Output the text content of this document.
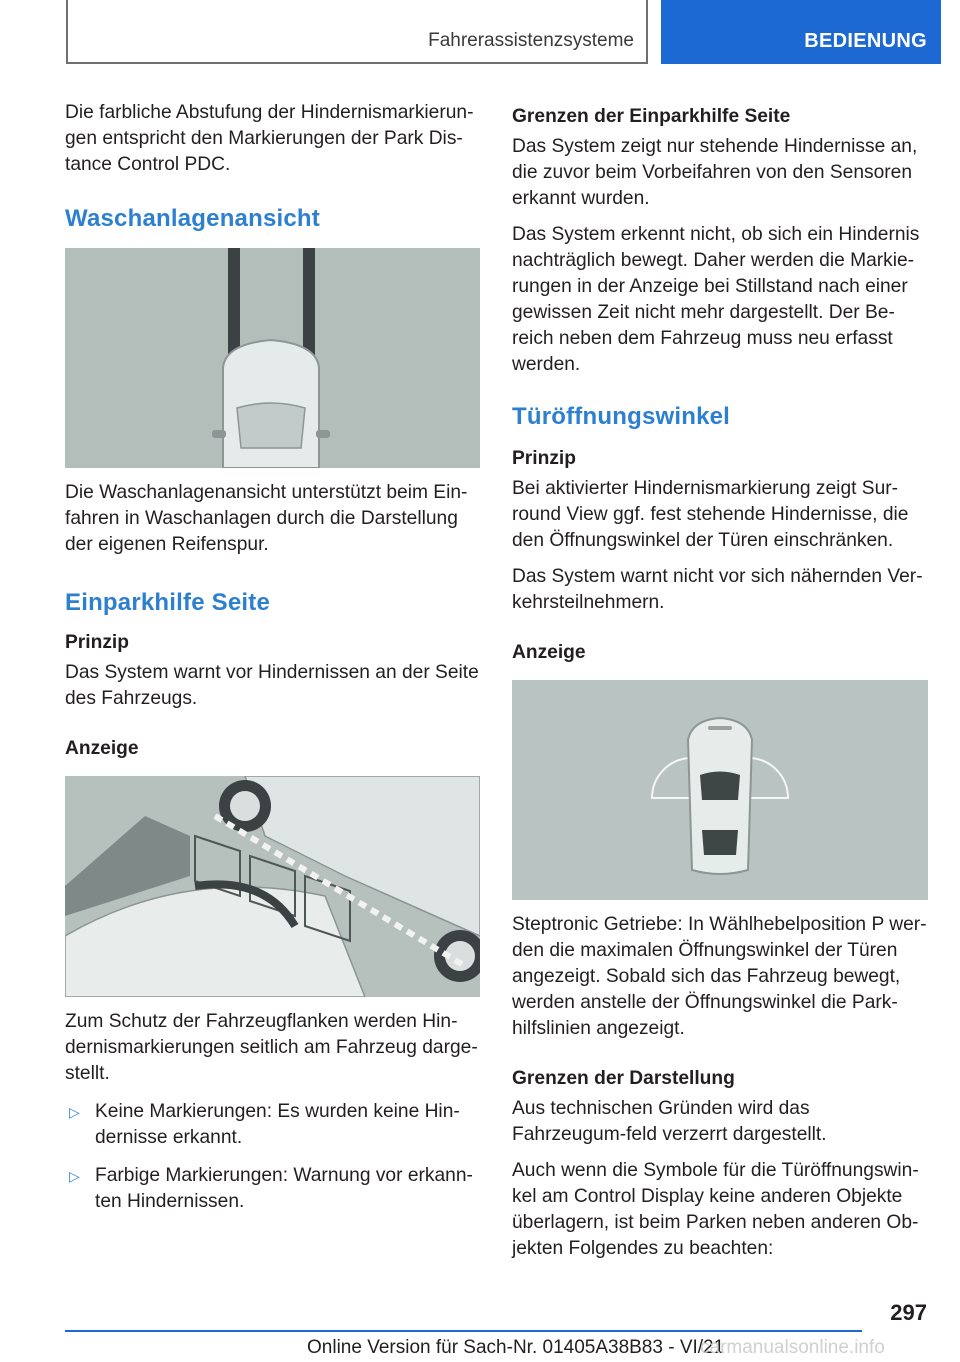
Fahrerassistenzsysteme	BEDIENUNG

Die farbliche Abstufung der Hindernismarkierun-gen entspricht den Markierungen der Park Dis-tance Control PDC.

Waschanlagenansicht

Die Waschanlagenansicht unterstützt beim Ein-fahren in Waschanlagen durch die Darstellung der eigenen Reifenspur.

Einparkhilfe Seite
Prinzip

Das System warnt vor Hindernissen an der Seite des Fahrzeugs.

Anzeige

Zum Schutz der Fahrzeugflanken werden Hin-dernismarkierungen seitlich am Fahrzeug darge-stellt.

▷ Keine Markierungen: Es wurden keine Hin-dernisse erkannt.
▷ Farbige Markierungen: Warnung vor erkann-ten Hindernissen.
Grenzen der Einparkhilfe Seite

Das System zeigt nur stehende Hindernisse an, die zuvor beim Vorbeifahren von den Sensoren erkannt wurden.

Das System erkennt nicht, ob sich ein Hindernis nachträglich bewegt. Daher werden die Markie-rungen in der Anzeige bei Stillstand nach einer gewissen Zeit nicht mehr dargestellt. Der Be-reich neben dem Fahrzeug muss neu erfasst werden.

Türöffnungswinkel
Prinzip

Bei aktivierter Hindernismarkierung zeigt Sur-round View ggf. fest stehende Hindernisse, die den Öffnungswinkel der Türen einschränken.

Das System warnt nicht vor sich nähernden Ver-kehrsteilnehmern.

Anzeige

Steptronic Getriebe: In Wählhebelposition P wer-den die maximalen Öffnungswinkel der Türen angezeigt. Sobald sich das Fahrzeug bewegt, werden anstelle der Öffnungswinkel die Park-hilfslinien angezeigt.

Grenzen der Darstellung

Aus technischen Gründen wird das Fahrzeugum-feld verzerrt dargestellt.

Auch wenn die Symbole für die Türöffnungswin-kel am Control Display keine anderen Objekte überlagern, ist beim Parken neben anderen Ob-jekten Folgendes zu beachten:

297
Online Version für Sach-Nr. 01405A38B83 - VI/21
carmanualsonline.info
